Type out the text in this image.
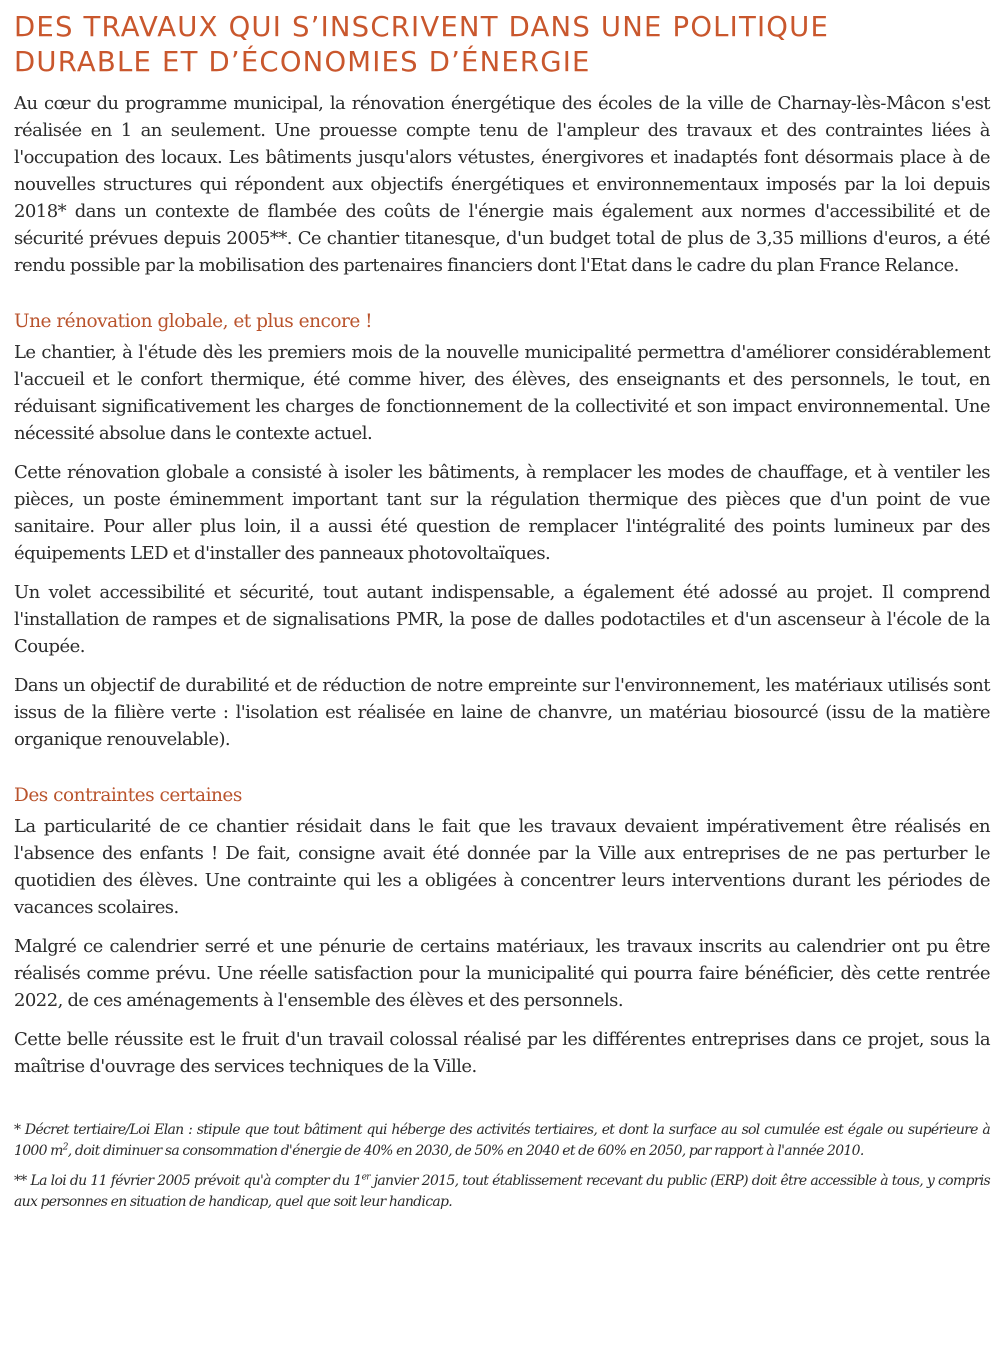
DES TRAVAUX QUI S’INSCRIVENT DANS UNE POLITIQUE
DURABLE ET D’ÉCONOMIES D’ÉNERGIE

Au cœur du programme municipal, la rénovation énergétique des écoles de la ville de Charnay-lès-Mâcon s'est réalisée en 1 an seulement. Une prouesse compte tenu de l'ampleur des travaux et des contraintes liées à l'occupation des locaux. Les bâtiments jusqu'alors vétustes, énergivores et inadaptés font désormais place à de nouvelles structures qui répondent aux objectifs énergétiques et environnementaux imposés par la loi depuis 2018* dans un contexte de flambée des coûts de l'énergie mais également aux normes d'accessibilité et de sécurité prévues depuis 2005**. Ce chantier titanesque, d'un budget total de plus de 3,35 millions d'euros, a été rendu possible par la mobilisation des partenaires financiers dont l'Etat dans le cadre du plan France Relance.

Une rénovation globale, et plus encore !

Le chantier, à l'étude dès les premiers mois de la nouvelle municipalité permettra d'améliorer considérablement l'accueil et le confort thermique, été comme hiver, des élèves, des enseignants et des personnels, le tout, en réduisant significativement les charges de fonctionnement de la collectivité et son impact environnemental. Une nécessité absolue dans le contexte actuel.

Cette rénovation globale a consisté à isoler les bâtiments, à remplacer les modes de chauffage, et à ventiler les pièces, un poste éminemment important tant sur la régulation thermique des pièces que d'un point de vue sanitaire. Pour aller plus loin, il a aussi été question de remplacer l'intégralité des points lumineux par des équipements LED et d'installer des panneaux photovoltaïques.

Un volet accessibilité et sécurité, tout autant indispensable, a également été adossé au projet. Il comprend l'installation de rampes et de signalisations PMR, la pose de dalles podotactiles et d'un ascenseur à l'école de la Coupée.

Dans un objectif de durabilité et de réduction de notre empreinte sur l'environnement, les matériaux utilisés sont issus de la filière verte : l'isolation est réalisée en laine de chanvre, un matériau biosourcé (issu de la matière organique renouvelable).

Des contraintes certaines

La particularité de ce chantier résidait dans le fait que les travaux devaient impérativement être réalisés en l'absence des enfants ! De fait, consigne avait été donnée par la Ville aux entreprises de ne pas perturber le quotidien des élèves. Une contrainte qui les a obligées à concentrer leurs interventions durant les périodes de vacances scolaires.

Malgré ce calendrier serré et une pénurie de certains matériaux, les travaux inscrits au calendrier ont pu être réalisés comme prévu. Une réelle satisfaction pour la municipalité qui pourra faire bénéficier, dès cette rentrée 2022, de ces aménagements à l'ensemble des élèves et des personnels.

Cette belle réussite est le fruit d'un travail colossal réalisé par les différentes entreprises dans ce projet, sous la maîtrise d'ouvrage des services techniques de la Ville.

* Décret tertiaire/Loi Elan : stipule que tout bâtiment qui héberge des activités tertiaires, et dont la surface au sol cumulée est égale ou supérieure à 1000 $m^2$, doit diminuer sa consommation d'énergie de 40% en 2030, de 50% en 2040 et de 60% en 2050, par rapport à l'année 2010.

** La loi du 11 février 2005 prévoit qu'à compter du 1er janvier 2015, tout établissement recevant du public (ERP) doit être accessible à tous, y compris aux personnes en situation de handicap, quel que soit leur handicap.
